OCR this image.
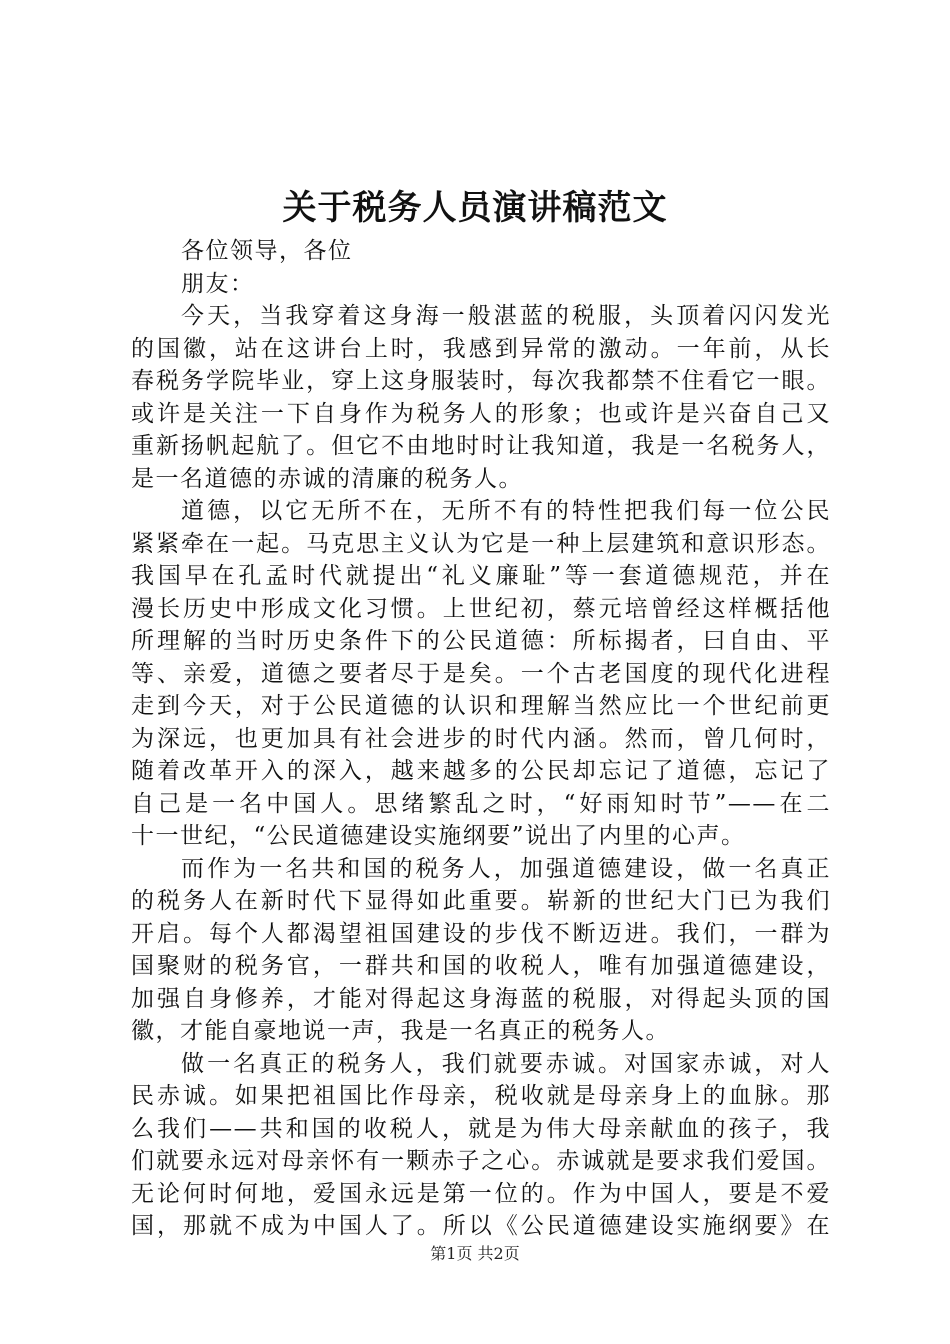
关于税务人员演讲稿范文
各位领导，各位
朋友：
今天，当我穿着这身海一般湛蓝的税服，头顶着闪闪发光
的国徽，站在这讲台上时，我感到异常的激动。一年前，从长
春税务学院毕业，穿上这身服装时，每次我都禁不住看它一眼。
或许是关注一下自身作为税务人的形象；也或许是兴奋自己又
重新扬帆起航了。但它不由地时时让我知道，我是一名税务人，
是一名道德的赤诚的清廉的税务人。
道德，以它无所不在，无所不有的特性把我们每一位公民
紧紧牵在一起。马克思主义认为它是一种上层建筑和意识形态。
我国早在孔孟时代就提出“礼义廉耻”等一套道德规范，并在
漫长历史中形成文化习惯。上世纪初，蔡元培曾经这样概括他
所理解的当时历史条件下的公民道德：所标揭者，曰自由、平
等、亲爱，道德之要者尽于是矣。一个古老国度的现代化进程
走到今天，对于公民道德的认识和理解当然应比一个世纪前更
为深远，也更加具有社会进步的时代内涵。然而，曾几何时，
随着改革开入的深入，越来越多的公民却忘记了道德，忘记了
自己是一名中国人。思绪繁乱之时，“好雨知时节”——在二
十一世纪，“公民道德建设实施纲要”说出了内里的心声。
而作为一名共和国的税务人，加强道德建设，做一名真正
的税务人在新时代下显得如此重要。崭新的世纪大门已为我们
开启。每个人都渴望祖国建设的步伐不断迈进。我们，一群为
国聚财的税务官，一群共和国的收税人，唯有加强道德建设，
加强自身修养，才能对得起这身海蓝的税服，对得起头顶的国
徽，才能自豪地说一声，我是一名真正的税务人。
做一名真正的税务人，我们就要赤诚。对国家赤诚，对人
民赤诚。如果把祖国比作母亲，税收就是母亲身上的血脉。那
么我们——共和国的收税人，就是为伟大母亲献血的孩子，我
们就要永远对母亲怀有一颗赤子之心。赤诚就是要求我们爱国。
无论何时何地，爱国永远是第一位的。作为中国人，要是不爱
国，那就不成为中国人了。所以《公民道德建设实施纲要》在
第1页 共2页
